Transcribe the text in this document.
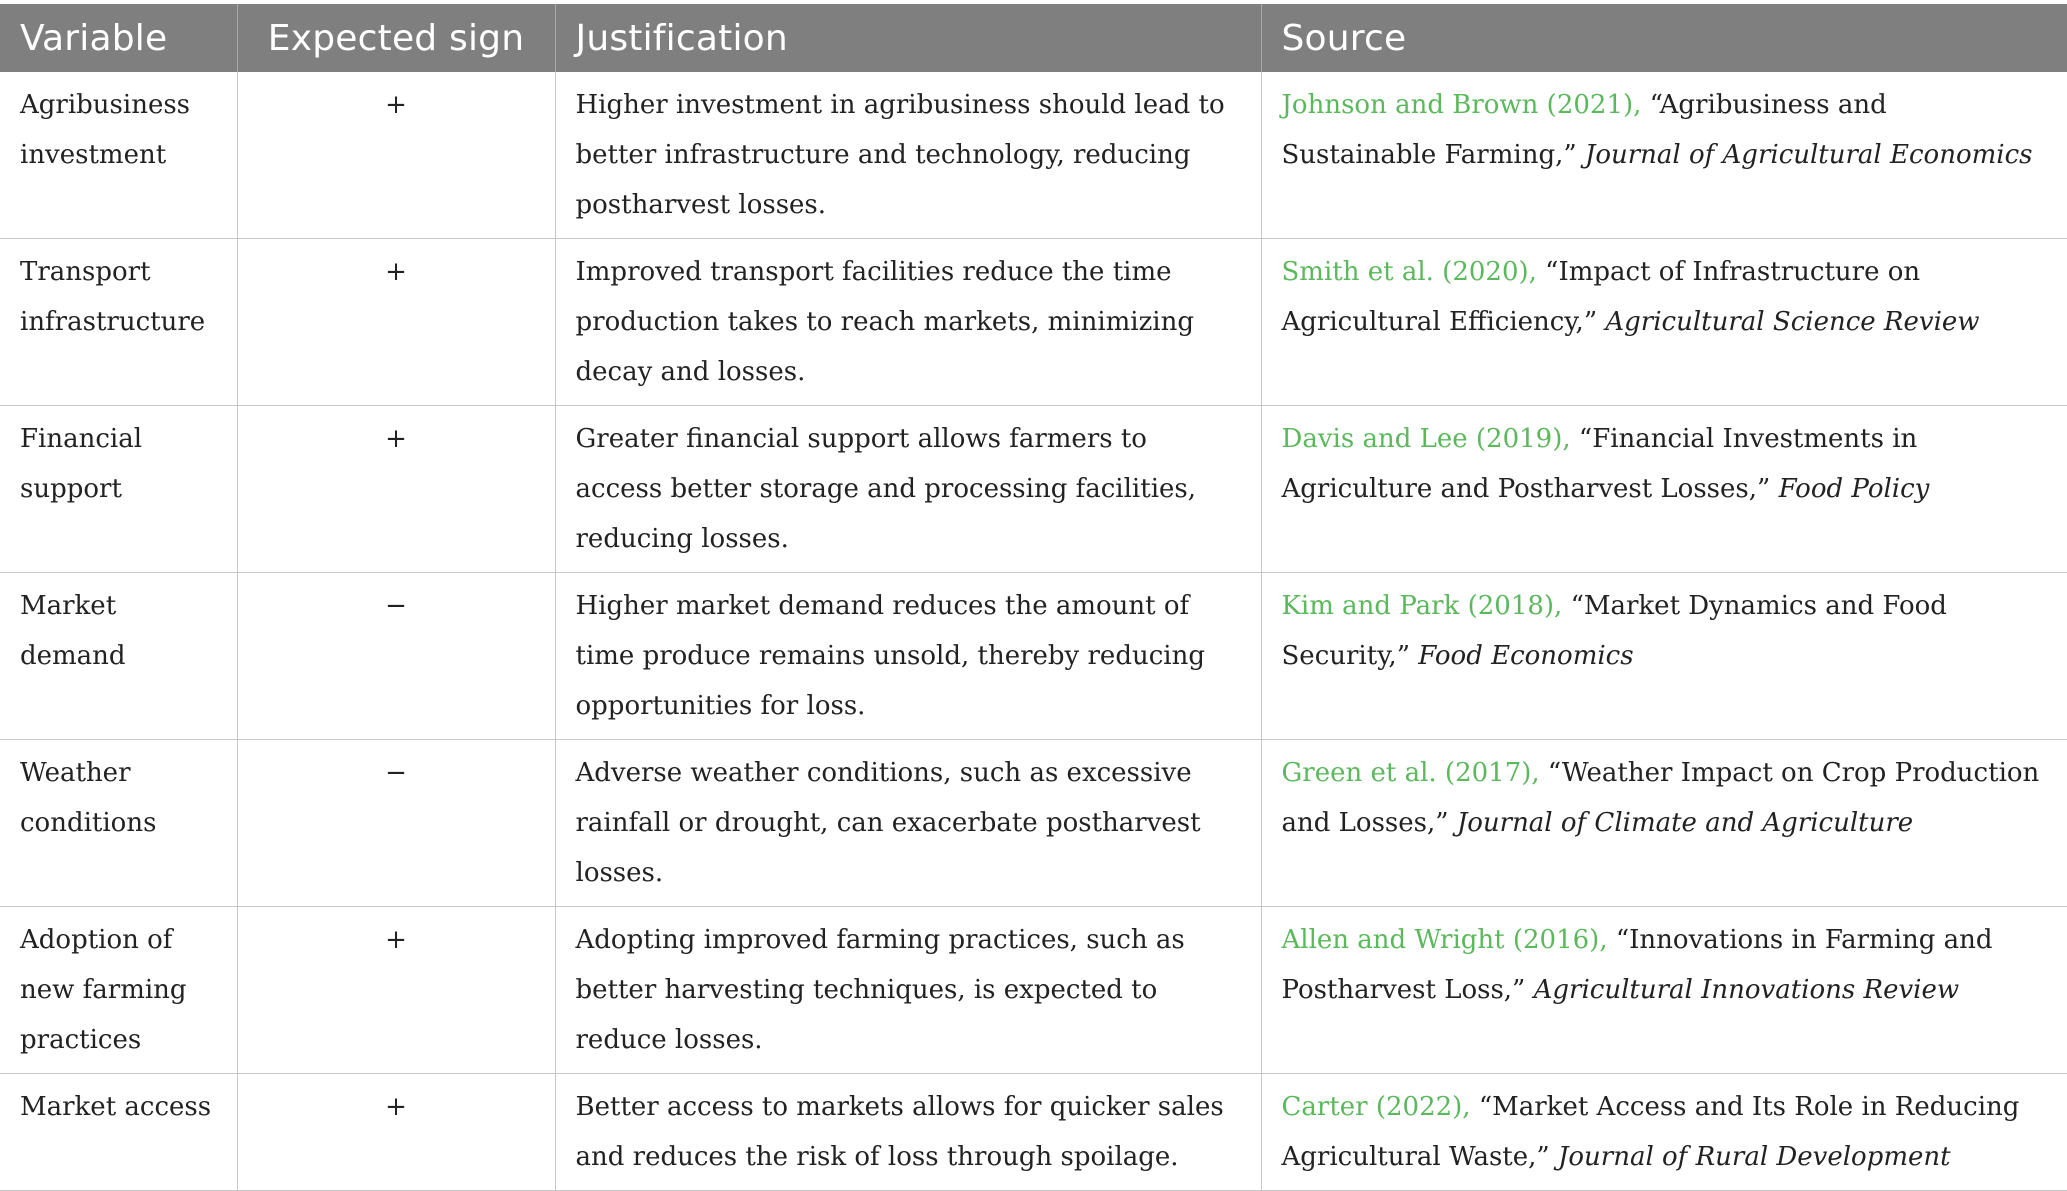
Variable	Expected sign	Justification	Source
Agribusiness investment	+	Higher investment in agribusiness should lead to better infrastructure and technology, reducing postharvest losses.	Johnson and Brown (2021), “Agribusiness and Sustainable Farming,” Journal of Agricultural Economics
Transport infrastructure	+	Improved transport facilities reduce the time production takes to reach markets, minimizing decay and losses.	Smith et al. (2020), “Impact of Infrastructure on Agricultural Efficiency,” Agricultural Science Review
Financial support	+	Greater financial support allows farmers to access better storage and processing facilities, reducing losses.	Davis and Lee (2019), “Financial Investments in Agriculture and Postharvest Losses,” Food Policy
Market demand	−	Higher market demand reduces the amount of time produce remains unsold, thereby reducing opportunities for loss.	Kim and Park (2018), “Market Dynamics and Food Security,” Food Economics
Weather conditions	−	Adverse weather conditions, such as excessive rainfall or drought, can exacerbate postharvest losses.	Green et al. (2017), “Weather Impact on Crop Production and Losses,” Journal of Climate and Agriculture
Adoption of new farming practices	+	Adopting improved farming practices, such as better harvesting techniques, is expected to reduce losses.	Allen and Wright (2016), “Innovations in Farming and Postharvest Loss,” Agricultural Innovations Review
Market access	+	Better access to markets allows for quicker sales and reduces the risk of loss through spoilage.	Carter (2022), “Market Access and Its Role in Reducing Agricultural Waste,” Journal of Rural Development
